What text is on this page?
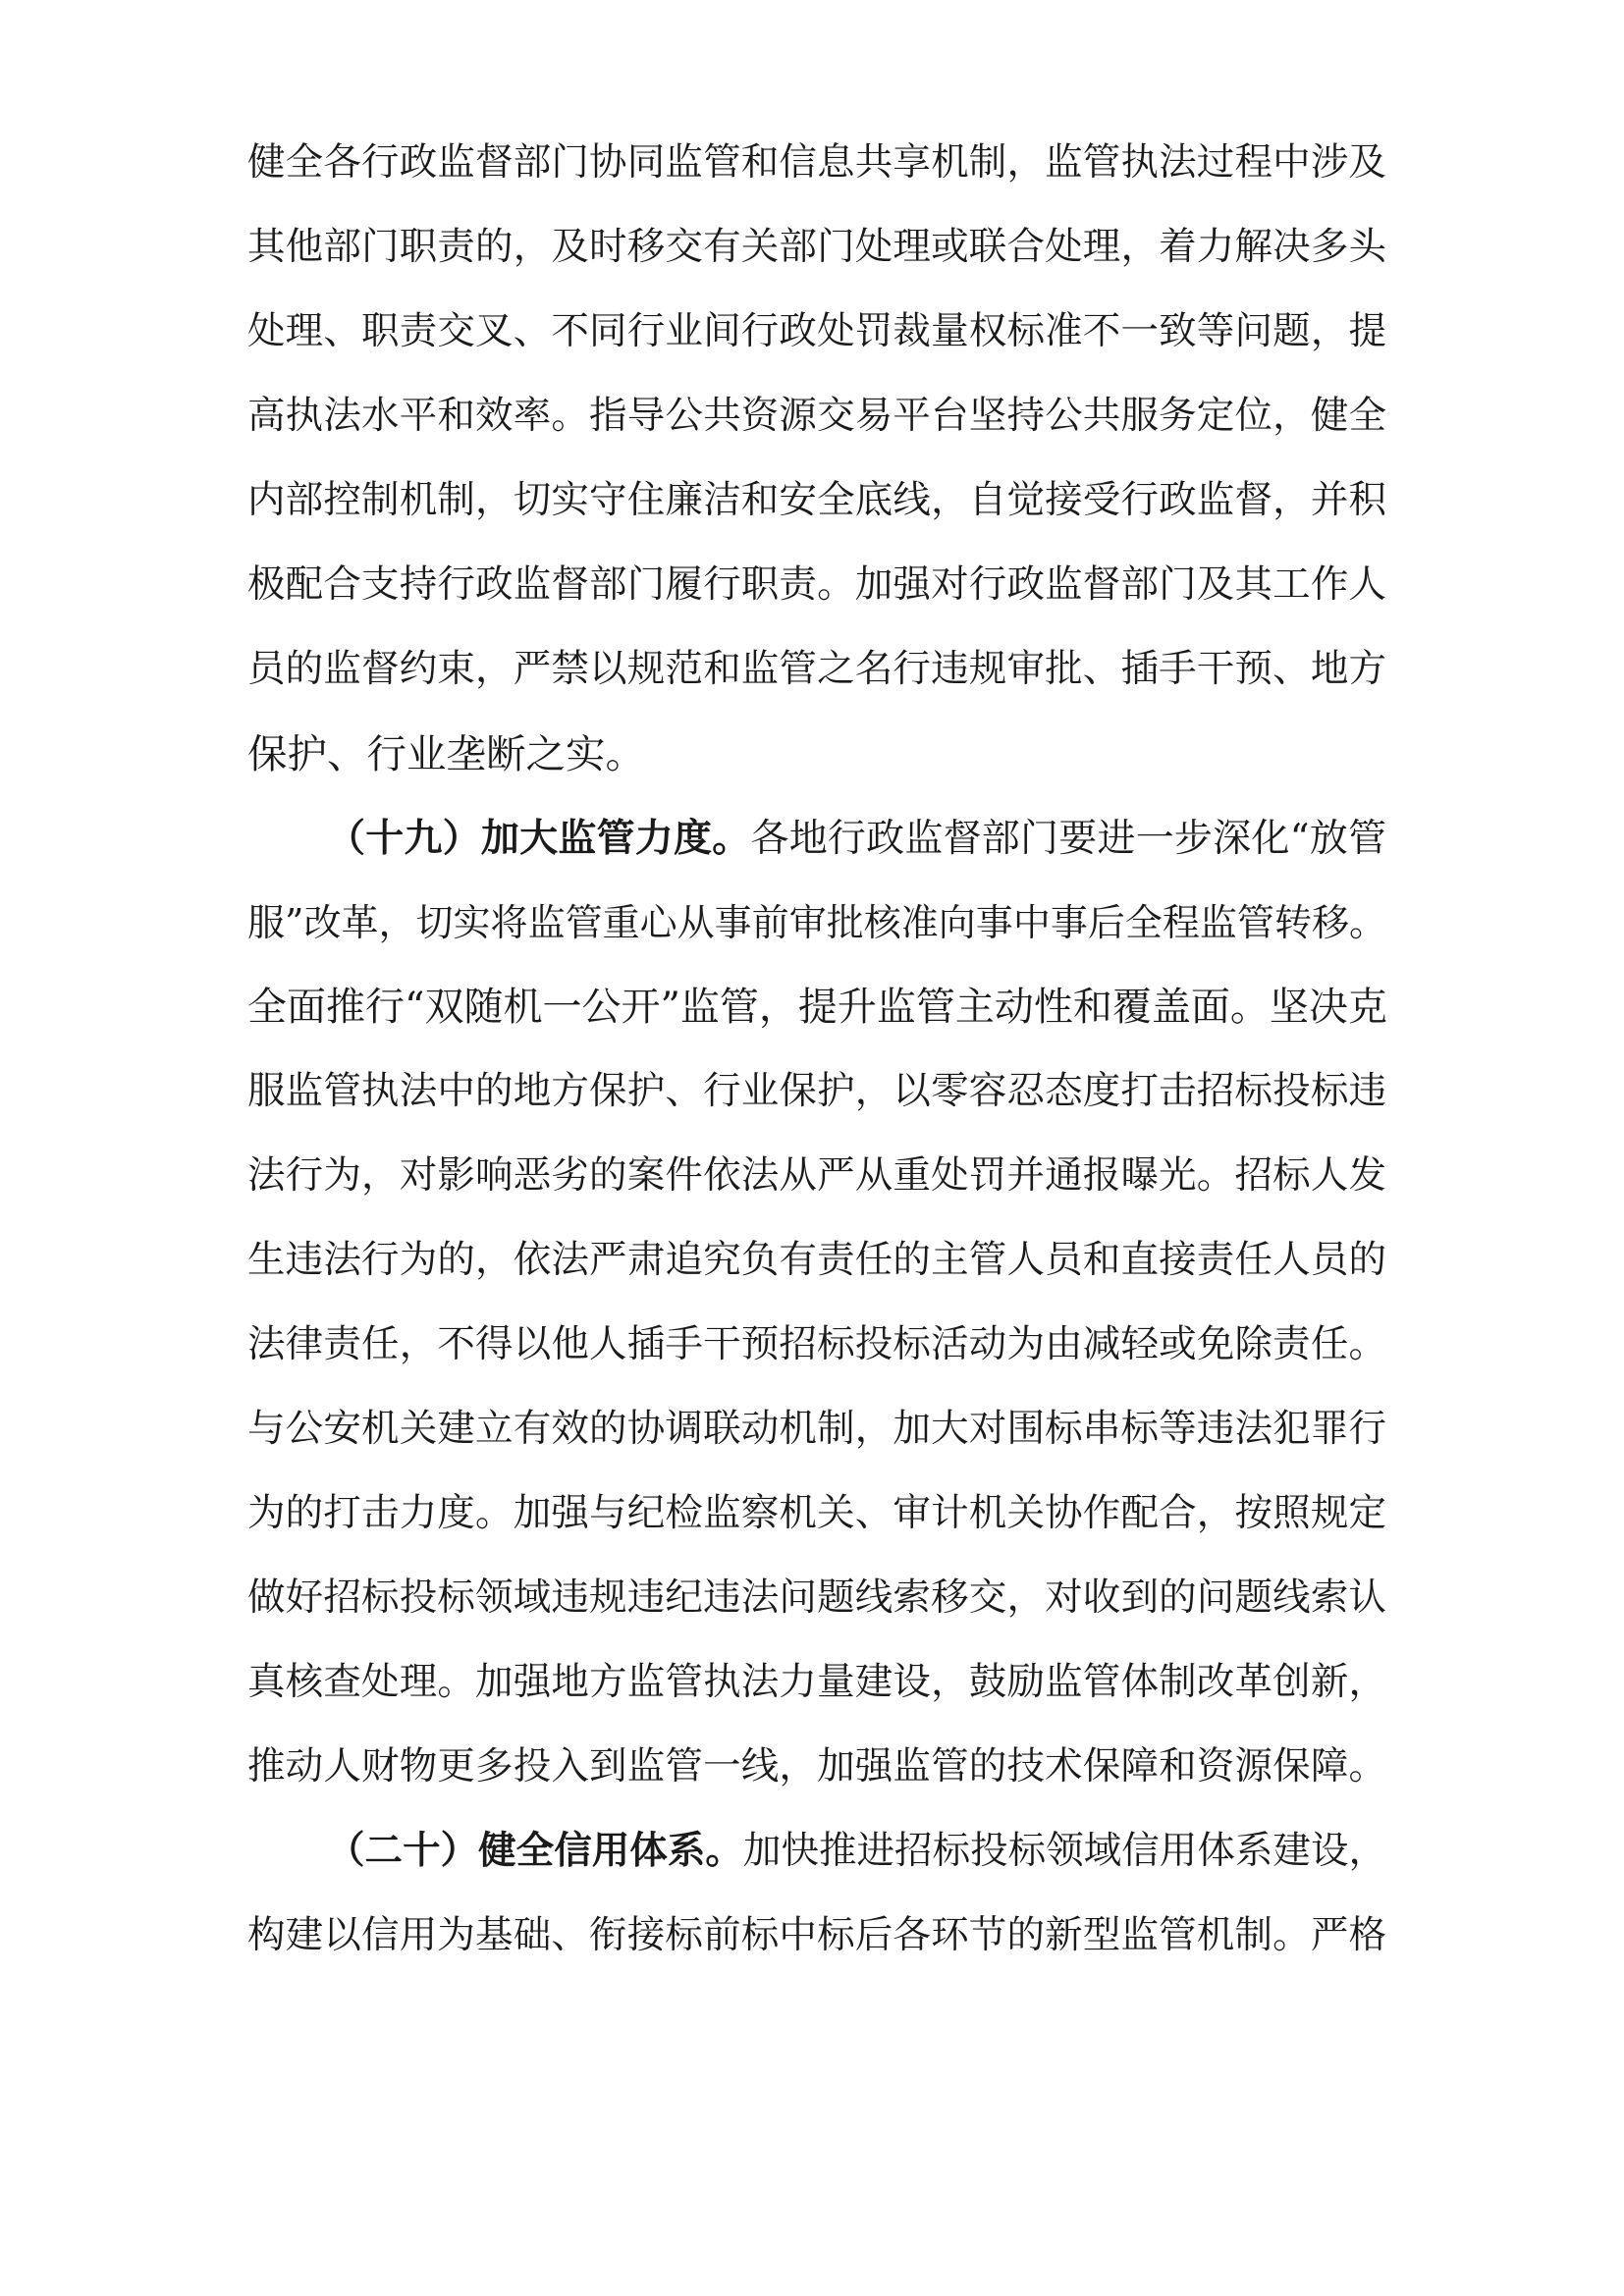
健全各行政监督部门协同监管和信息共享机制，监管执法过程中涉及
其他部门职责的，及时移交有关部门处理或联合处理，着力解决多头
处理、职责交叉、不同行业间行政处罚裁量权标准不一致等问题，提
高执法水平和效率。指导公共资源交易平台坚持公共服务定位，健全
内部控制机制，切实守住廉洁和安全底线，自觉接受行政监督，并积
极配合支持行政监督部门履行职责。加强对行政监督部门及其工作人
员的监督约束，严禁以规范和监管之名行违规审批、插手干预、地方
保护、行业垄断之实。
（十九）加大监管力度。各地行政监督部门要进一步深化“放管
服”改革，切实将监管重心从事前审批核准向事中事后全程监管转移。
全面推行“双随机一公开”监管，提升监管主动性和覆盖面。坚决克
服监管执法中的地方保护、行业保护，以零容忍态度打击招标投标违
法行为，对影响恶劣的案件依法从严从重处罚并通报曝光。招标人发
生违法行为的，依法严肃追究负有责任的主管人员和直接责任人员的
法律责任，不得以他人插手干预招标投标活动为由减轻或免除责任。
与公安机关建立有效的协调联动机制，加大对围标串标等违法犯罪行
为的打击力度。加强与纪检监察机关、审计机关协作配合，按照规定
做好招标投标领域违规违纪违法问题线索移交，对收到的问题线索认
真核查处理。加强地方监管执法力量建设，鼓励监管体制改革创新，
推动人财物更多投入到监管一线，加强监管的技术保障和资源保障。
（二十）健全信用体系。加快推进招标投标领域信用体系建设，
构建以信用为基础、衔接标前标中标后各环节的新型监管机制。严格
